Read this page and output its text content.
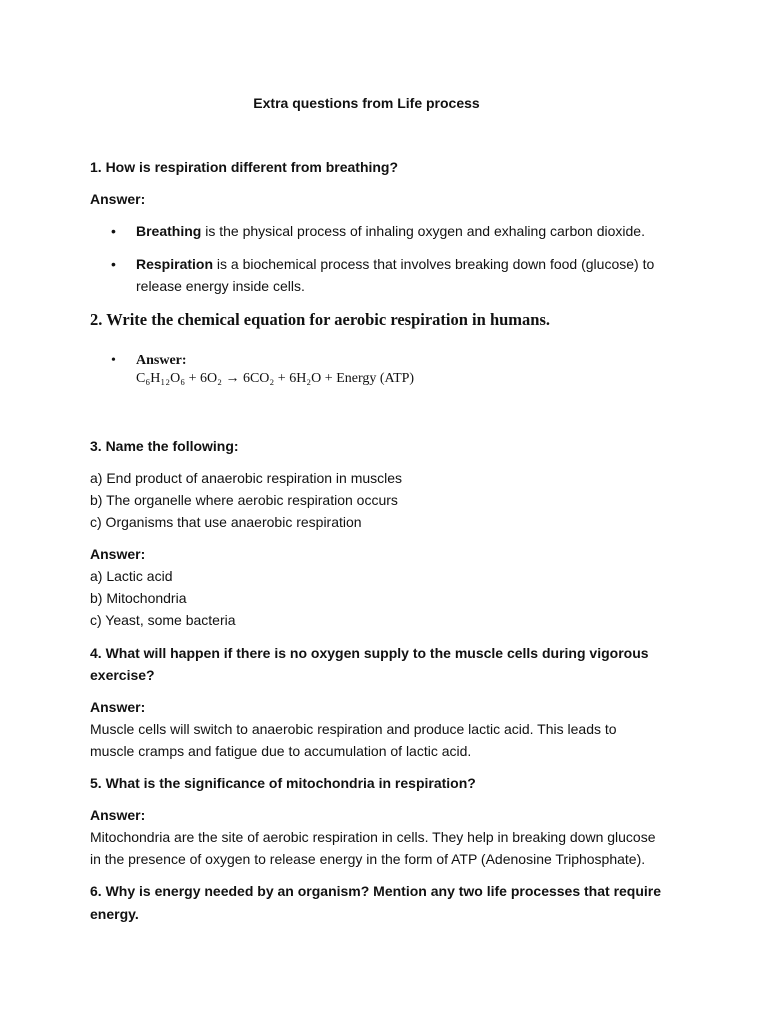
Extra questions from Life process
1. How is respiration different from breathing?
Answer:
• Breathing is the physical process of inhaling oxygen and exhaling carbon dioxide.
• Respiration is a biochemical process that involves breaking down food (glucose) to
release energy inside cells.
2. Write the chemical equation for aerobic respiration in humans.
• Answer:
C₆H₁₂O₆ + 6O₂ → 6CO₂ + 6H₂O + Energy (ATP)
3. Name the following:
a) End product of anaerobic respiration in muscles
b) The organelle where aerobic respiration occurs
c) Organisms that use anaerobic respiration
Answer:
a) Lactic acid
b) Mitochondria
c) Yeast, some bacteria
4. What will happen if there is no oxygen supply to the muscle cells during vigorous
exercise?
Answer:
Muscle cells will switch to anaerobic respiration and produce lactic acid. This leads to
muscle cramps and fatigue due to accumulation of lactic acid.
5. What is the significance of mitochondria in respiration?
Answer:
Mitochondria are the site of aerobic respiration in cells. They help in breaking down glucose
in the presence of oxygen to release energy in the form of ATP (Adenosine Triphosphate).
6. Why is energy needed by an organism? Mention any two life processes that require
energy.
